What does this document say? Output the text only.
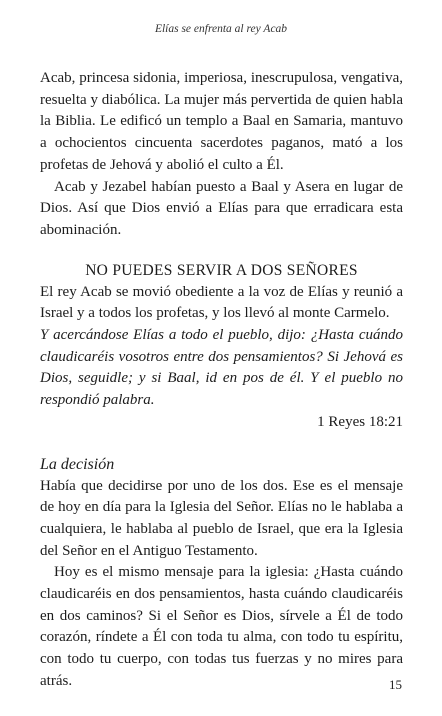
Elías se enfrenta al rey Acab

Acab, princesa sidonia, imperiosa, inescrupulosa, vengativa, resuelta y diabólica. La mujer más pervertida de quien habla la Biblia. Le edificó un templo a Baal en Samaria, mantuvo a ochocientos cincuenta sacerdotes paganos, mató a los profetas de Jehová y abolió el culto a Él.

Acab y Jezabel habían puesto a Baal y Asera en lugar de Dios. Así que Dios envió a Elías para que erradicara esta abominación.

NO PUEDES SERVIR A DOS SEÑORES

El rey Acab se movió obediente a la voz de Elías y reunió a Israel y a todos los profetas, y los llevó al monte Carmelo.

Y acercándose Elías a todo el pueblo, dijo: ¿Hasta cuándo claudicaréis vosotros entre dos pensamientos? Si Jehová es Dios, seguidle; y si Baal, id en pos de él. Y el pueblo no respondió palabra.

1 Reyes 18:21

La decisión

Había que decidirse por uno de los dos. Ese es el mensaje de hoy en día para la Iglesia del Señor. Elías no le hablaba a cualquiera, le hablaba al pueblo de Israel, que era la Iglesia del Señor en el Antiguo Testamento.

Hoy es el mismo mensaje para la iglesia: ¿Hasta cuándo claudicaréis en dos pensamientos, hasta cuándo claudicaréis en dos caminos? Si el Señor es Dios, sírvele a Él de todo corazón, ríndete a Él con toda tu alma, con todo tu espíritu, con todo tu cuerpo, con todas tus fuerzas y no mires para atrás.	15
